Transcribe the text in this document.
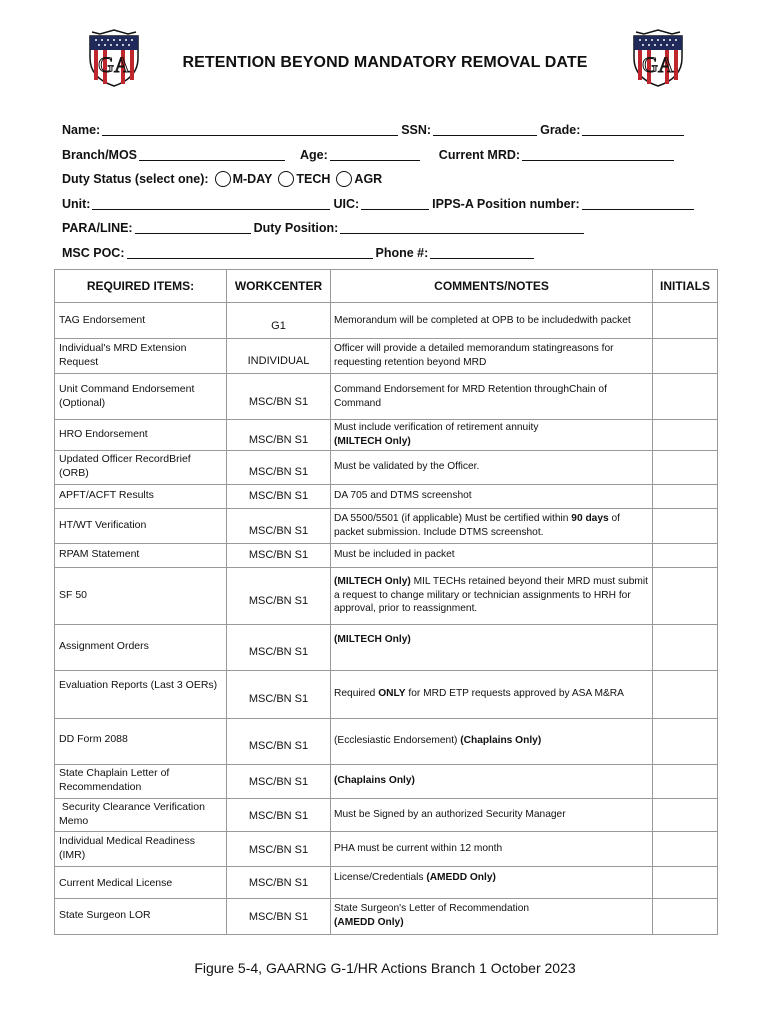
GA	GA
RETENTION BEYOND MANDATORY REMOVAL DATE
Name:	SSN:	Grade:
Branch/MOS	Age:	Current MRD:
Duty Status (select one): M-DAY TECH AGR
Unit:	UIC:	IPPS-A Position number:
PARA/LINE:	Duty Position:
MSC POC:	Phone #:
REQUIRED ITEMS:	WORKCENTER	COMMENTS/NOTES	INITIALS
TAG Endorsement	G1	Memorandum will be completed at OPB to be includedwith packet	
Individual's MRD Extension Request	INDIVIDUAL	Officer will provide a detailed memorandum statingreasons for requesting retention beyond MRD	
Unit Command Endorsement (Optional)	MSC/BN S1	Command Endorsement for MRD Retention throughChain of Command	
HRO Endorsement	MSC/BN S1	Must include verification of retirement annuity
(MILTECH Only)	
Updated Officer RecordBrief (ORB)	MSC/BN S1	Must be validated by the Officer.	
APFT/ACFT Results	MSC/BN S1	DA 705 and DTMS screenshot	
HT/WT Verification	MSC/BN S1	DA 5500/5501 (if applicable) Must be certified within 90 days of packet submission. Include DTMS screenshot.	
RPAM Statement	MSC/BN S1	Must be included in packet	
SF 50	MSC/BN S1	(MILTECH Only) MIL TECHs retained beyond their MRD must submit a request to change military or technician assignments to HRH for approval, prior to reassignment.	
Assignment Orders	MSC/BN S1	(MILTECH Only)	
Evaluation Reports (Last 3 OERs)	MSC/BN S1	Required ONLY for MRD ETP requests approved by ASA M&RA	
DD Form 2088	MSC/BN S1	(Ecclesiastic Endorsement) (Chaplains Only)	
State Chaplain Letter of Recommendation	MSC/BN S1	(Chaplains Only)	
Security Clearance Verification Memo	MSC/BN S1	Must be Signed by an authorized Security Manager	
Individual Medical Readiness (IMR)	MSC/BN S1	PHA must be current within 12 month	
Current Medical License	MSC/BN S1	License/Credentials (AMEDD Only)	
State Surgeon LOR	MSC/BN S1	State Surgeon's Letter of Recommendation
(AMEDD Only)	
Figure 5-4, GAARNG G-1/HR Actions Branch 1 October 2023
